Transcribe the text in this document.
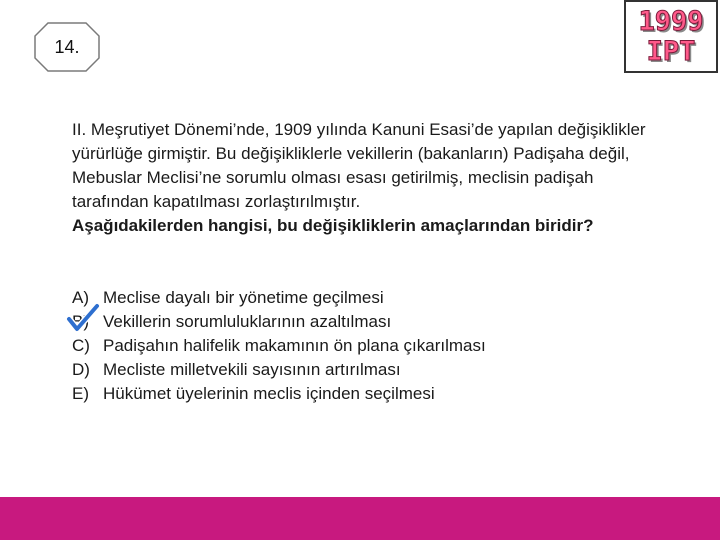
14.
1999
IPT

II. Meşrutiyet Dönemi’nde, 1909 yılında Kanuni Esasi’de yapılan değişiklikler yürürlüğe girmiştir. Bu değişikliklerle vekillerin (bakanların) Padişaha değil, Mebuslar Meclisi’ne sorumlu olması esası getirilmiş, meclisin padişah tarafından kapatılması zorlaştırılmıştır.

Aşağıdakilerden hangisi, bu değişikliklerin amaçlarından biridir?

A) Meclise dayalı bir yönetime geçilmesi
B) Vekillerin sorumluluklarının azaltılması
C) Padişahın halifelik makamının ön plana çıkarılması
D) Mecliste milletvekili sayısının artırılması
E) Hükümet üyelerinin meclis içinden seçilmesi
